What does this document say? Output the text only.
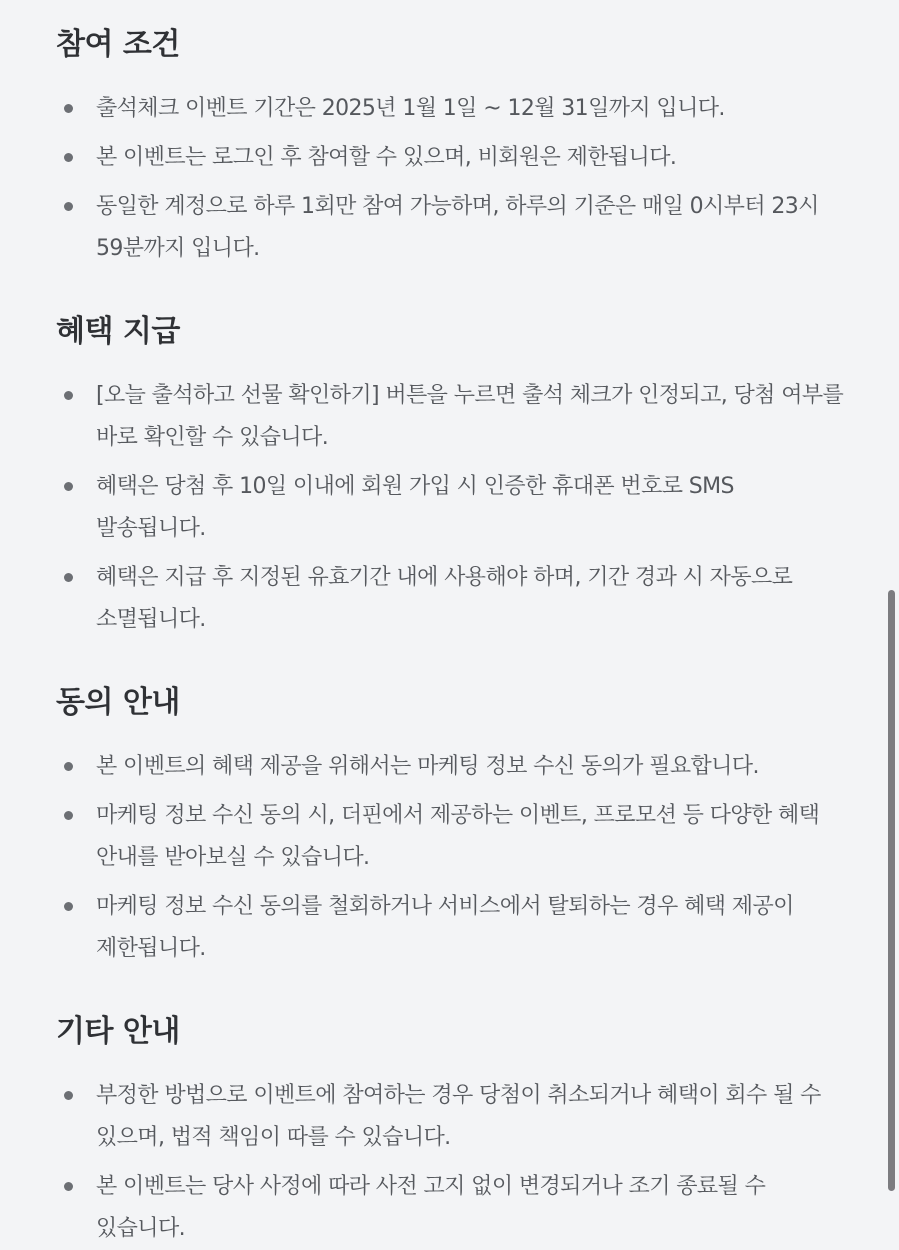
참여 조건
출석체크 이벤트 기간은 2025년 1월 1일 ~ 12월 31일까지 입니다.
본 이벤트는 로그인 후 참여할 수 있으며, 비회원은 제한됩니다.
동일한 계정으로 하루 1회만 참여 가능하며, 하루의 기준은 매일 0시부터 23시 59분까지 입니다.
혜택 지급
[오늘 출석하고 선물 확인하기] 버튼을 누르면 출석 체크가 인정되고, 당첨 여부를 바로 확인할 수 있습니다.
혜택은 당첨 후 10일 이내에 회원 가입 시 인증한 휴대폰 번호로 SMS 발송됩니다.
혜택은 지급 후 지정된 유효기간 내에 사용해야 하며, 기간 경과 시 자동으로 소멸됩니다.
동의 안내
본 이벤트의 혜택 제공을 위해서는 마케팅 정보 수신 동의가 필요합니다.
마케팅 정보 수신 동의 시, 더핀에서 제공하는 이벤트, 프로모션 등 다양한 혜택 안내를 받아보실 수 있습니다.
마케팅 정보 수신 동의를 철회하거나 서비스에서 탈퇴하는 경우 혜택 제공이 제한됩니다.
기타 안내
부정한 방법으로 이벤트에 참여하는 경우 당첨이 취소되거나 혜택이 회수 될 수 있으며, 법적 책임이 따를 수 있습니다.
본 이벤트는 당사 사정에 따라 사전 고지 없이 변경되거나 조기 종료될 수 있습니다.
